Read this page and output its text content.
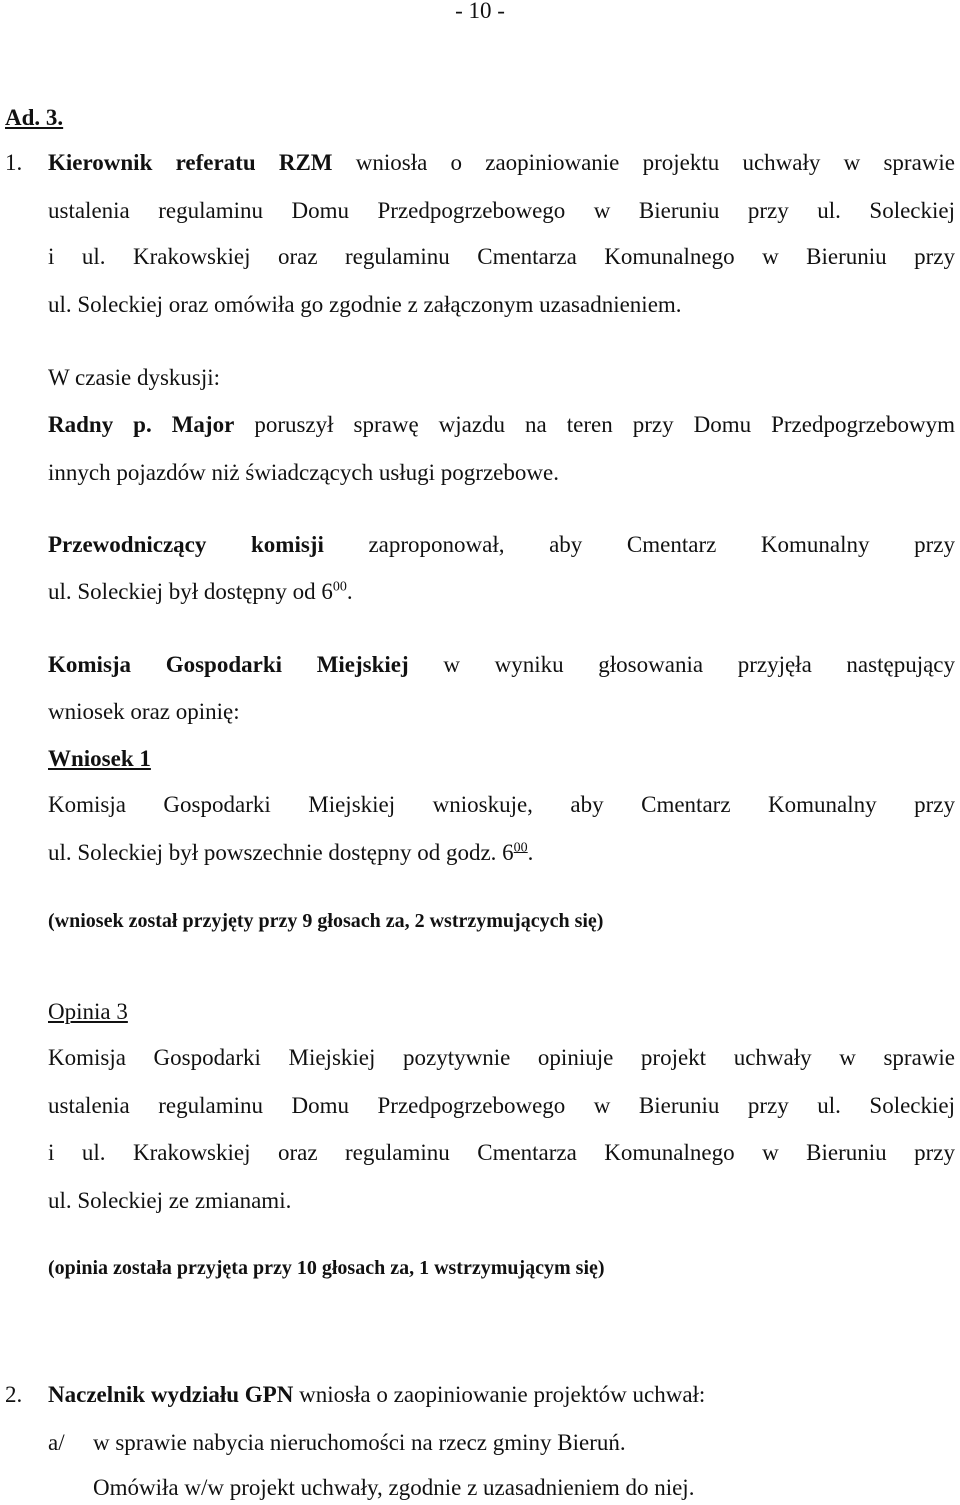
- 10 -
Ad. 3.
1. Kierownik referatu RZM wniosła o zaopiniowanie projektu uchwały w sprawie
ustalenia regulaminu Domu Przedpogrzebowego w Bieruniu przy ul. Soleckiej
i ul. Krakowskiej oraz regulaminu Cmentarza Komunalnego w Bieruniu przy
ul. Soleckiej oraz omówiła go zgodnie z załączonym uzasadnieniem.
W czasie dyskusji:
Radny p. Major poruszył sprawę wjazdu na teren przy Domu Przedpogrzebowym
innych pojazdów niż świadczących usługi pogrzebowe.
Przewodniczący komisji zaproponował, aby Cmentarz Komunalny przy
ul. Soleckiej był dostępny od $6^{00}$.
Komisja Gospodarki Miejskiej w wyniku głosowania przyjęła następujący
wniosek oraz opinię:
Wniosek 1
Komisja Gospodarki Miejskiej wnioskuje, aby Cmentarz Komunalny przy
ul. Soleckiej był powszechnie dostępny od godz. $6^{00}$.
(wniosek został przyjęty przy 9 głosach za, 2 wstrzymujących się)
Opinia 3
Komisja Gospodarki Miejskiej pozytywnie opiniuje projekt uchwały w sprawie
ustalenia regulaminu Domu Przedpogrzebowego w Bieruniu przy ul. Soleckiej
i ul. Krakowskiej oraz regulaminu Cmentarza Komunalnego w Bieruniu przy
ul. Soleckiej ze zmianami.
(opinia została przyjęta przy 10 głosach za, 1 wstrzymującym się)
2. Naczelnik wydziału GPN wniosła o zaopiniowanie projektów uchwał:
a/ w sprawie nabycia nieruchomości na rzecz gminy Bieruń.
Omówiła w/w projekt uchwały, zgodnie z uzasadnieniem do niej.
